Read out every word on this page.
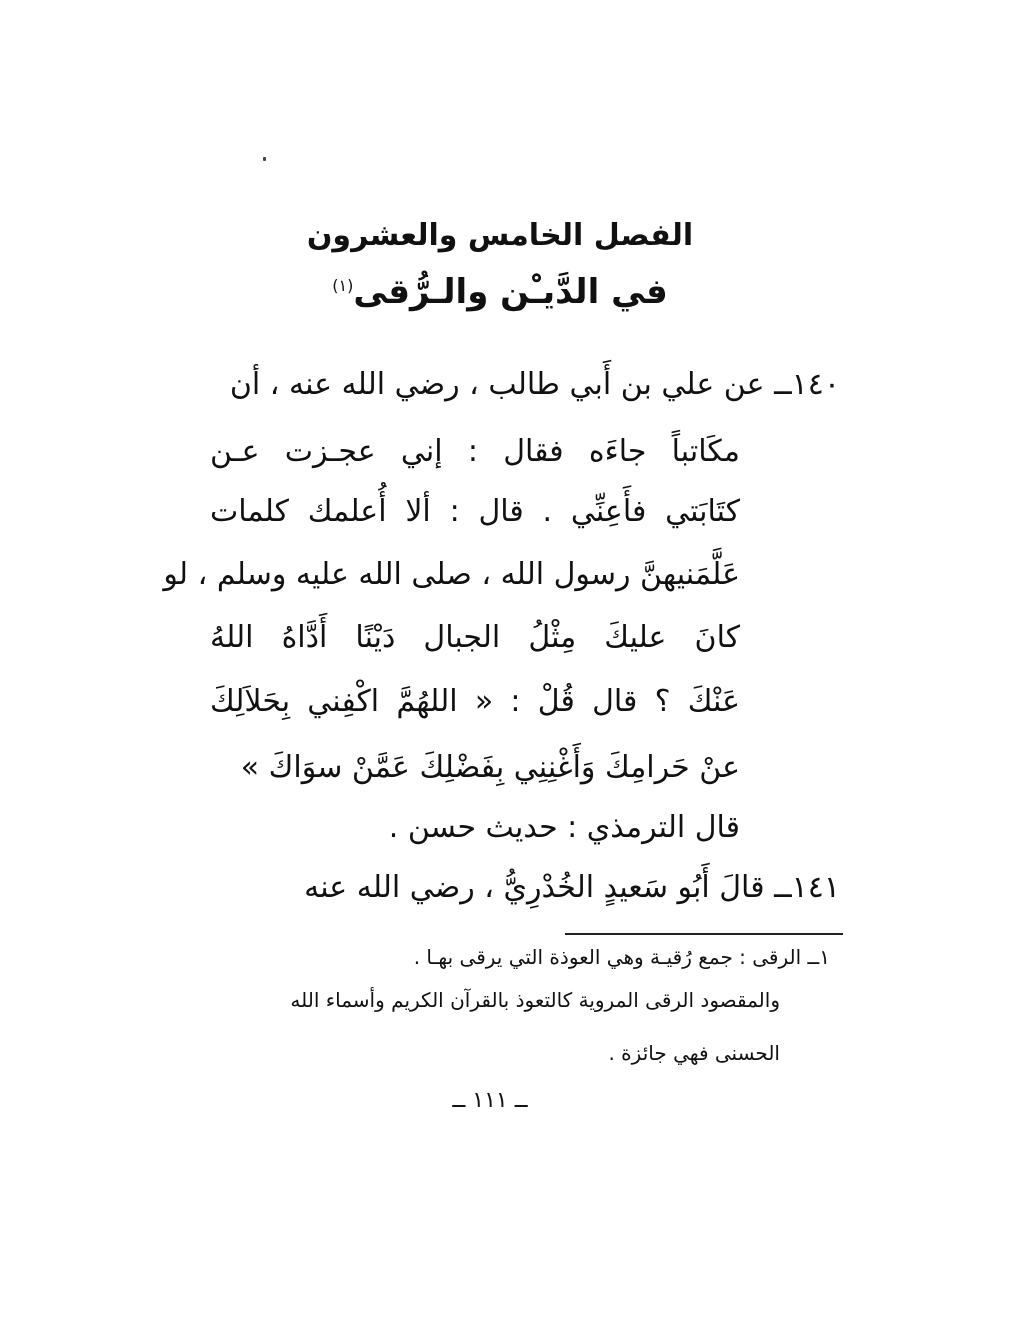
الفصل الخامس والعشرون
في الدَّيـْن والـرُّقى$^{(١)}$
١٤٠ــ عن علي بن أَبي طالب ، رضي الله عنه ، أن
مكَاتباً جاءَه فقال : إني عجـزت عـن
كتَابَتي فأَعِنِّي . قال : ألا أُعلمك كلمات
عَلَّمَنيهنَّ رسول الله ، صلى الله عليه وسلم ، لو
كانَ عليكَ مِثْلُ الجبال دَيْنًا أَدَّاهُ اللهُ
عَنْكَ ؟ قال قُلْ : « اللهُمَّ اكْفِني بِحَلاَلِكَ
عنْ حَرامِكَ وَأَغْنِنِي بِفَضْلِكَ عَمَّنْ سوَاكَ »
قال الترمذي : حديث حسن .
١٤١ــ قالَ أَبُو سَعيدٍ الخُدْرِيُّ ، رضي الله عنه
١ــ الرقى : جمع رُقيـة وهي العوذة التي يرقى بهـا .
والمقصود الرقى المروية كالتعوذ بالقرآن الكريم وأسماء الله
الحسنى فهي جائزة .
ــ ١١١ ــ
